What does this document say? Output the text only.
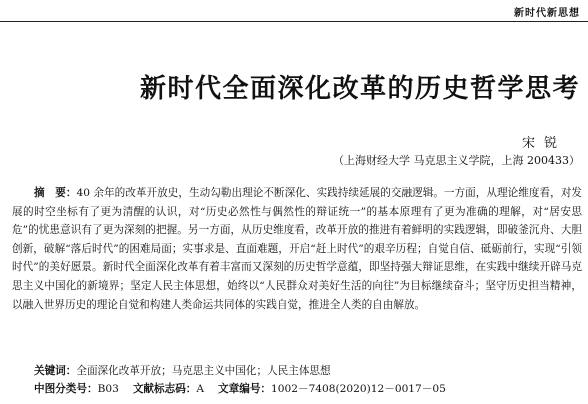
新时代新思想
新时代全面深化改革的历史哲学思考
宋锐
（上海财经大学 马克思主义学院，上海 200433）

摘　要：40 余年的改革开放史，生动勾勒出理论不断深化、实践持续延展的交融逻辑。一方面，从理论维度看，对发展的时空坐标有了更为清醒的认识，对“历史必然性与偶然性的辩证统一”的基本原理有了更为准确的理解，对“居安思危”的忧患意识有了更为深刻的把握。另一方面，从历史维度看，改革开放的推进有着鲜明的实践逻辑，即破釜沉舟、大胆创新，破解“落后时代”的困难局面；实事求是、直面难题，开启“赶上时代”的艰辛历程；自觉自信、砥砺前行，实现“引领时代”的美好愿景。新时代全面深化改革有着丰富而又深刻的历史哲学意蕴，即坚持强大辩证思维，在实践中继续开辟马克思主义中国化的新境界；坚定人民主体思想，始终以“人民群众对美好生活的向往”为目标继续奋斗；坚守历史担当精神，以融入世界历史的理论自觉和构建人类命运共同体的实践自觉，推进全人类的自由解放。

关键词：全面深化改革开放；马克思主义中国化；人民主体思想
中图分类号：B03 文献标志码：A 文章编号：1002－7408(2020)12－0017－05
